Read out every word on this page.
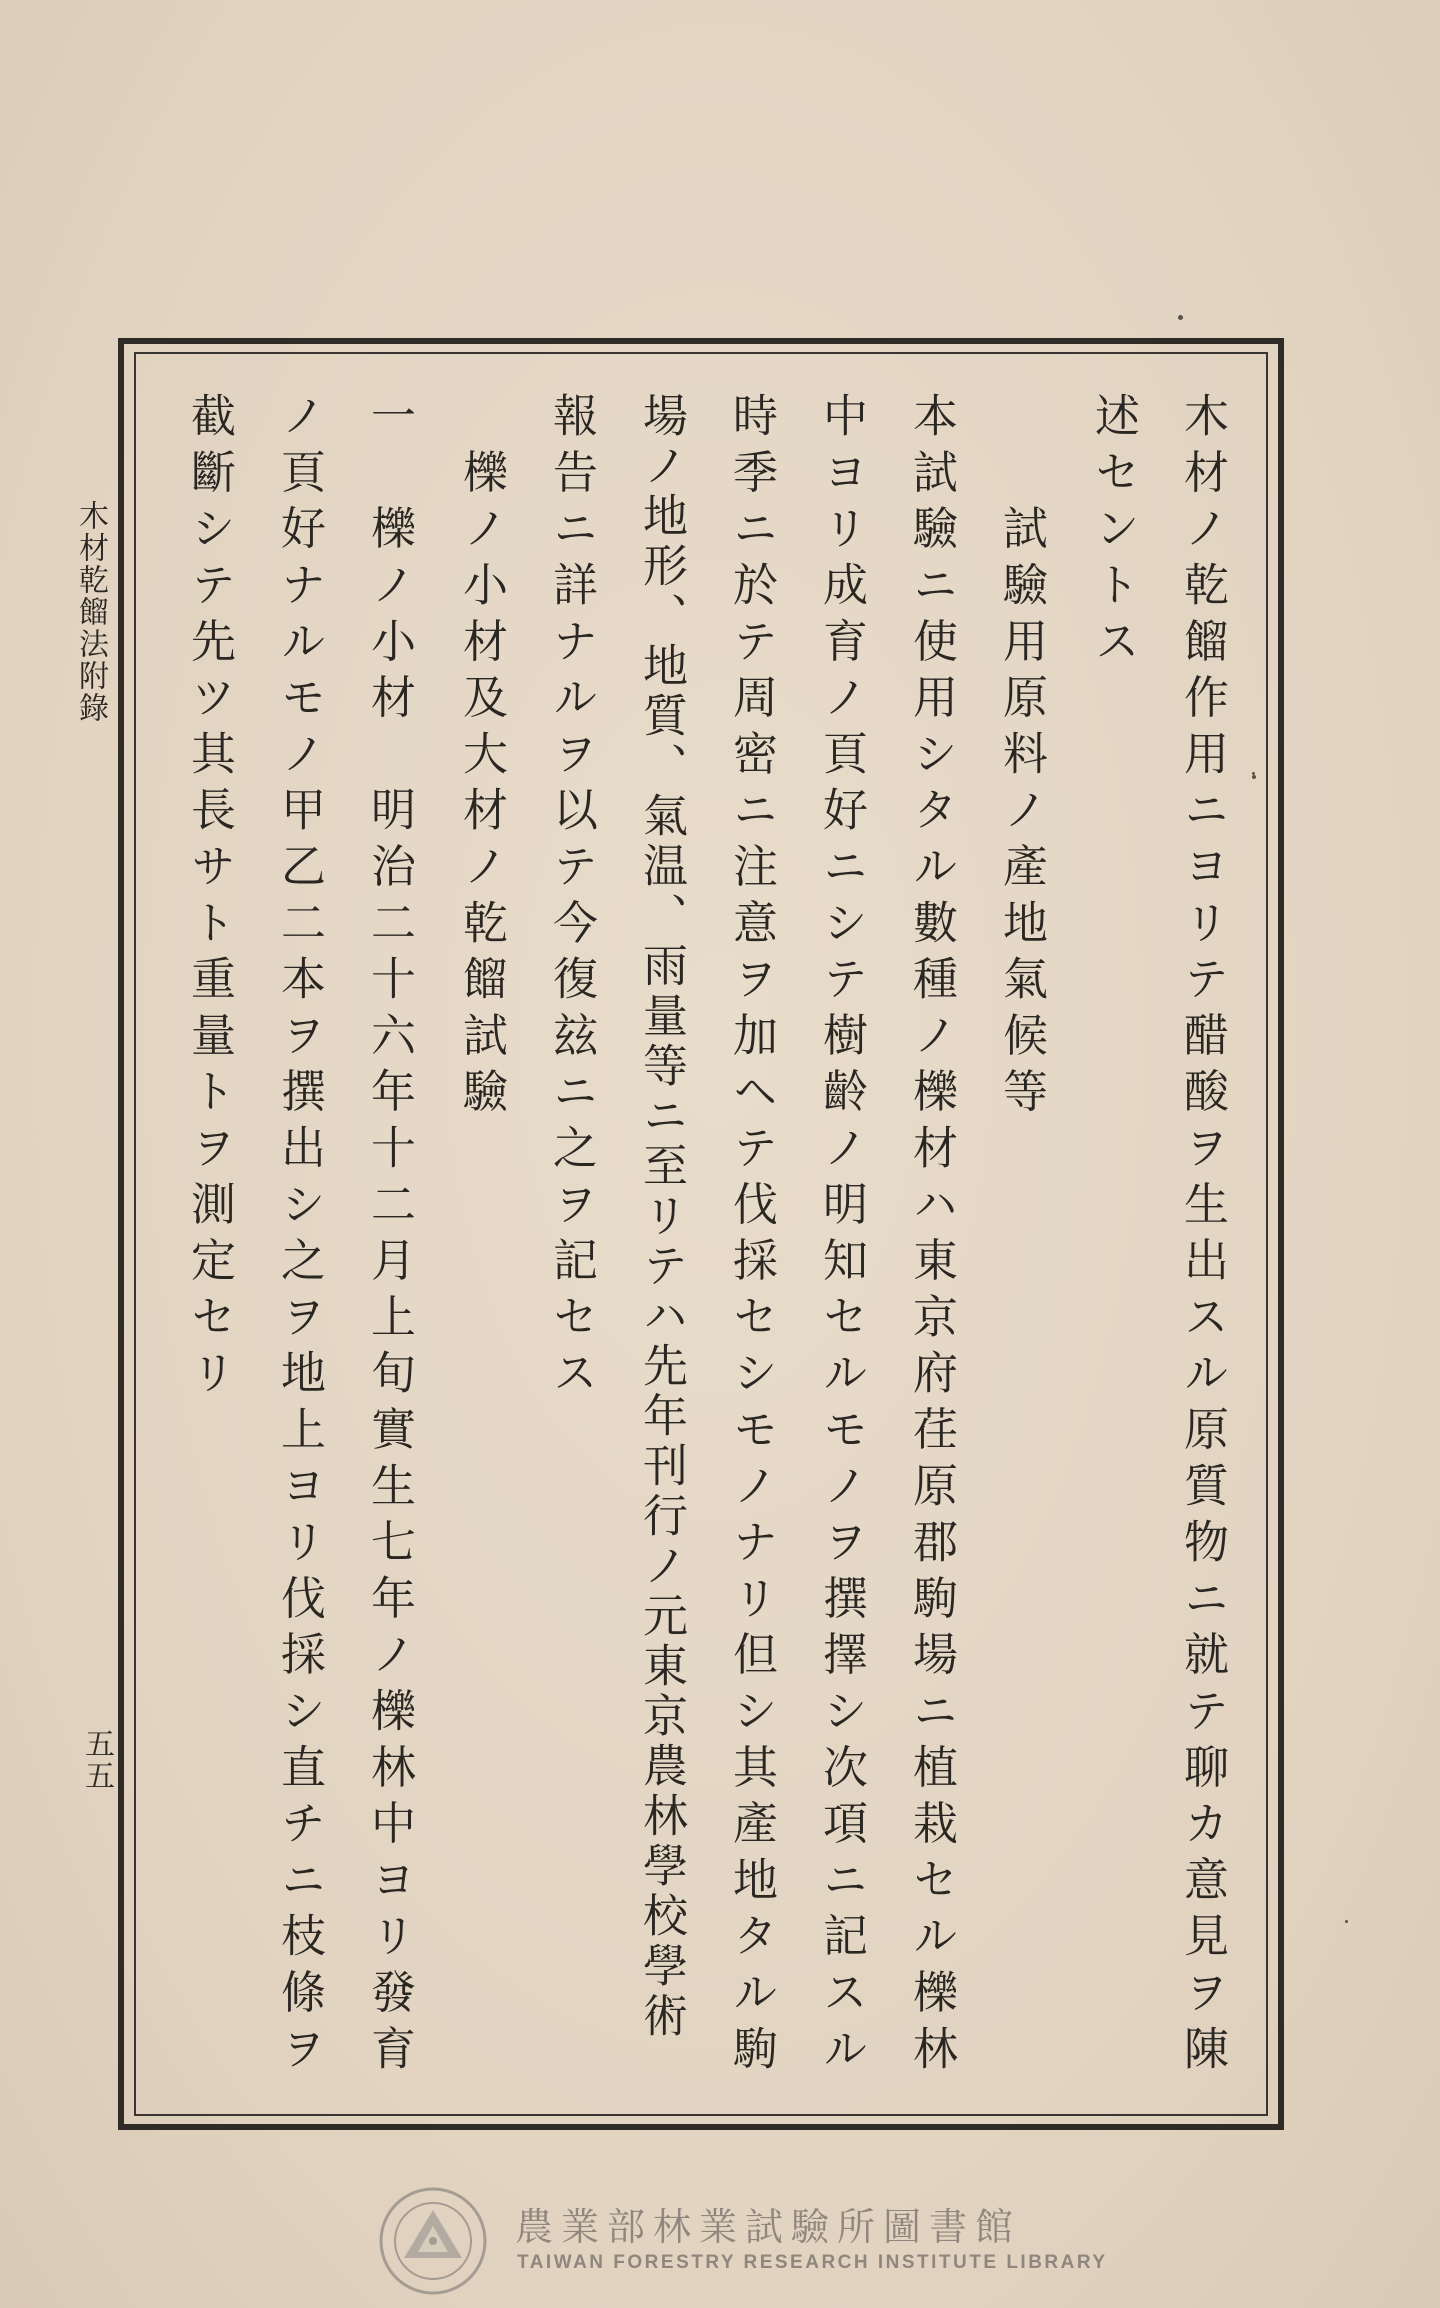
木材乾餾法附錄
五五	木材ノ乾餾作用ニヨリテ醋酸ヲ生出スル原質物ニ就テ聊カ意見ヲ陳
述セントス
　　試驗用原料ノ產地氣候等
本試驗ニ使用シタル數種ノ櫟材ハ東京府荏原郡駒場ニ植栽セル櫟林
中ヨリ成育ノ頁好ニシテ樹齡ノ明知セルモノヲ撰擇シ次項ニ記スル
時季ニ於テ周密ニ注意ヲ加ヘテ伐採セシモノナリ但シ其產地タル駒
場ノ地形、地質、氣温、雨量等ニ至リテハ先年刊行ノ元東京農林學校學術
報告ニ詳ナルヲ以テ今復玆ニ之ヲ記セス
　櫟ノ小材及大材ノ乾餾試驗
一　櫟ノ小材　明治二十六年十二月上旬實生七年ノ櫟林中ヨリ發育
ノ頁好ナルモノ甲乙二本ヲ撰出シ之ヲ地上ヨリ伐採シ直チニ枝條ヲ
截斷シテ先ツ其長サト重量トヲ測定セリ
農業部林業試驗所圖書館
TAIWAN FORESTRY RESEARCH INSTITUTE LIBRARY
